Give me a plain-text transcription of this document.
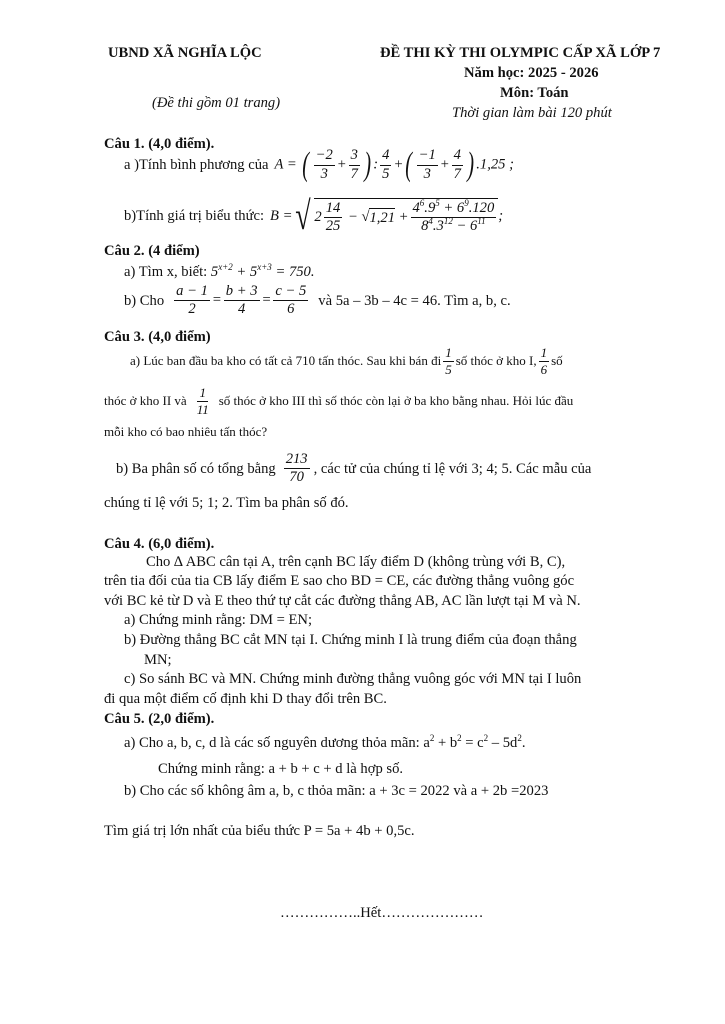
UBND XÃ NGHĨA LỘC
(Đề thi gồm 01 trang)
ĐỀ THI KỲ THI OLYMPIC CẤP XÃ LỚP 7
Năm học: 2025 - 2026
Môn: Toán
Thời gian làm bài 120 phút
Câu 1. (4,0 điểm).
a )Tính bình phương của A = ( $\frac{-2}{3} + \frac{3}{7}$ ) : $\frac{4}{5}$ +( $\frac{-1}{3} + \frac{4}{7}$ ) .1,25 ;
b)Tính giá trị biểu thức: B = √ $2 \frac{14}{25}$ − √ $1,21 + \frac{4^6.9^5 + 6^9.120}{8^4.3^{12} - 6^{11}}$ ;
Câu 2. (4 điểm)
a) Tìm x, biết: $5^{x+2} + 5^{x+3} = 750$.
b) Cho $\frac{a - 1}{2} = \frac{b + 3}{4} = \frac{c - 5}{6}$ và 5a – 3b – 4c = 46. Tìm a, b, c.
Câu 3. (4,0 điểm)
a) Lúc ban đầu ba kho có tất cả 710 tấn thóc. Sau khi bán đi $\frac{1}{5}$ số thóc ở kho I, $\frac{1}{6}$ số
thóc ở kho II và $\frac{1}{11}$ số thóc ở kho III thì số thóc còn lại ở ba kho bằng nhau. Hỏi lúc đầu
mỗi kho có bao nhiêu tấn thóc?
b) Ba phân số có tổng bằng $\frac{213}{70}$ , các tử của chúng tỉ lệ với 3; 4; 5. Các mẫu của
chúng tỉ lệ với 5; 1; 2. Tìm ba phân số đó.
Câu 4. (6,0 điểm).
Cho ∆ ABC cân tại A, trên cạnh BC lấy điểm D (không trùng với B, C),
trên tia đối của tia CB lấy điểm E sao cho BD = CE, các đường thẳng vuông góc
với BC kẻ từ D và E theo thứ tự cắt các đường thẳng AB, AC lần lượt tại M và N.
a) Chứng minh rằng: DM = EN;
b) Đường thẳng BC cắt MN tại I. Chứng minh I là trung điểm của đoạn thẳng
MN;
c) So sánh BC và MN. Chứng minh đường thẳng vuông góc với MN tại I luôn
đi qua một điểm cố định khi D thay đổi trên BC.
Câu 5. (2,0 điểm).
a) Cho a, b, c, d là các số nguyên dương thỏa mãn: $a^2 + b^2 = c^2 - 5d^2$.
Chứng minh rằng: a + b + c + d là hợp số.
b) Cho các số không âm a, b, c thỏa mãn: a + 3c = 2022 và a + 2b =2023
Tìm giá trị lớn nhất của biểu thức P = 5a + 4b + 0,5c.
……………..Hết…………………
